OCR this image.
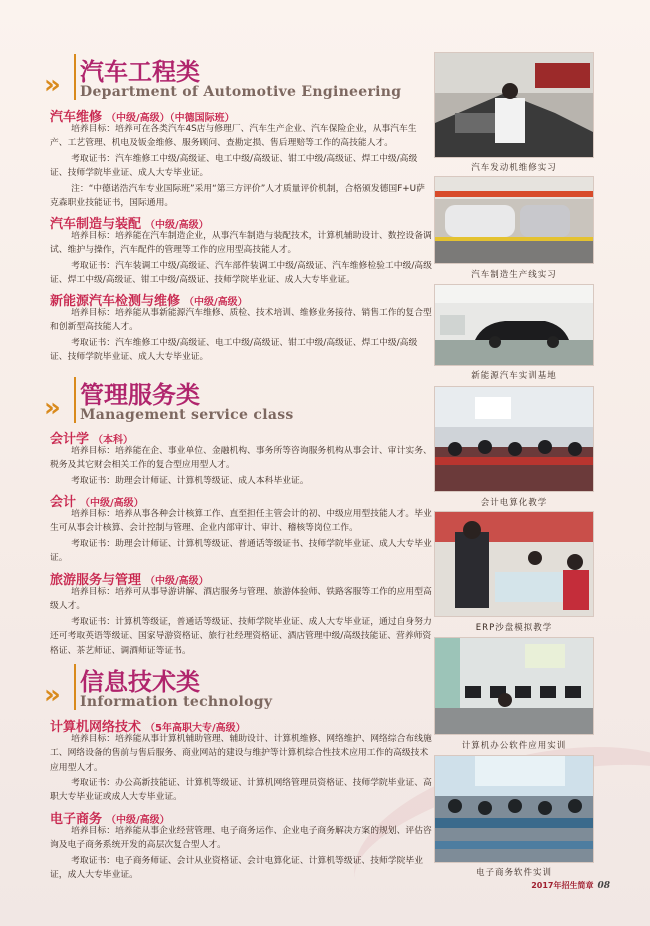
» 汽车工程类
Department of Automotive Engineering
汽车维修 （中级/高级）（中德国际班）
培养目标：培养可在各类汽车4S店与修理厂、汽车生产企业、汽车保险企业，从事汽车生产、工艺管理、机电及钣金维修、服务顾问、查勘定损、售后理赔等工作的高技能人才。
考取证书：汽车维修工中级/高级证、电工中级/高级证、钳工中级/高级证、焊工中级/高级证、技师学院毕业证、成人大专毕业证。
注：“中德诺浩汽车专业国际班”采用“第三方评价”人才质量评价机制，合格颁发德国F+U萨克森职业技能证书，国际通用。
汽车制造与装配 （中级/高级）
培养目标：培养能在汽车制造企业，从事汽车制造与装配技术，计算机辅助设计、数控设备调试、维护与操作，汽车配件的管理等工作的应用型高技能人才。
考取证书：汽车装调工中级/高级证、汽车部件装调工中级/高级证、汽车维修检验工中级/高级证、焊工中级/高级证、钳工中级/高级证、技师学院毕业证、成人大专毕业证。
新能源汽车检测与维修 （中级/高级）
培养目标：培养能从事新能源汽车维修、质检、技术培训、维修业务接待、销售工作的复合型和创新型高技能人才。
考取证书：汽车维修工中级/高级证、电工中级/高级证、钳工中级/高级证、焊工中级/高级证、技师学院毕业证、成人大专毕业证。
» 管理服务类
Management service class
会计学 （本科）
培养目标：培养能在企、事业单位、金融机构、事务所等咨询服务机构从事会计、审计实务、税务及其它财会相关工作的复合型应用型人才。
考取证书：助理会计师证、计算机等级证、成人本科毕业证。
会计 （中级/高级）
培养目标：培养从事各种会计核算工作、直至担任主管会计的初、中级应用型技能人才。毕业生可从事会计核算、会计控制与管理、企业内部审计、审计、稽核等岗位工作。
考取证书：助理会计师证、计算机等级证、普通话等级证书、技师学院毕业证、成人大专毕业证。
旅游服务与管理 （中级/高级）
培养目标：培养可从事导游讲解、酒店服务与管理、旅游体验师、铁路客服等工作的应用型高级人才。
考取证书：计算机等级证，普通话等级证、技师学院毕业证、成人大专毕业证，通过自身努力还可考取英语等级证、国家导游资格证、旅行社经理资格证、酒店管理中级/高级技能证、营养师资格证、茶艺师证、调酒师证等证书。
» 信息技术类
Information technology
计算机网络技术 （5年高职大专/高级）
培养目标：培养能从事计算机辅助管理、辅助设计、计算机维修、网络维护、网络综合布线施工、网络设备的售前与售后服务、商业网站的建设与维护等计算机综合性技术应用工作的高级技术应用型人才。
考取证书：办公高新技能证、计算机等级证、计算机网络管理员资格证、技师学院毕业证、高职大专毕业证或成人大专毕业证。
电子商务 （中级/高级）
培养目标：培养能从事企业经营管理、电子商务运作、企业电子商务解决方案的规划、评估咨询及电子商务系统开发的高层次复合型人才。
考取证书：电子商务师证、会计从业资格证、会计电算化证、计算机等级证、技师学院毕业证，成人大专毕业证。
汽车发动机维修实习
汽车制造生产线实习
新能源汽车实训基地
会计电算化教学
ERP沙盘模拟教学
计算机办公软件应用实训
电子商务软件实训
2017年招生简章 08
